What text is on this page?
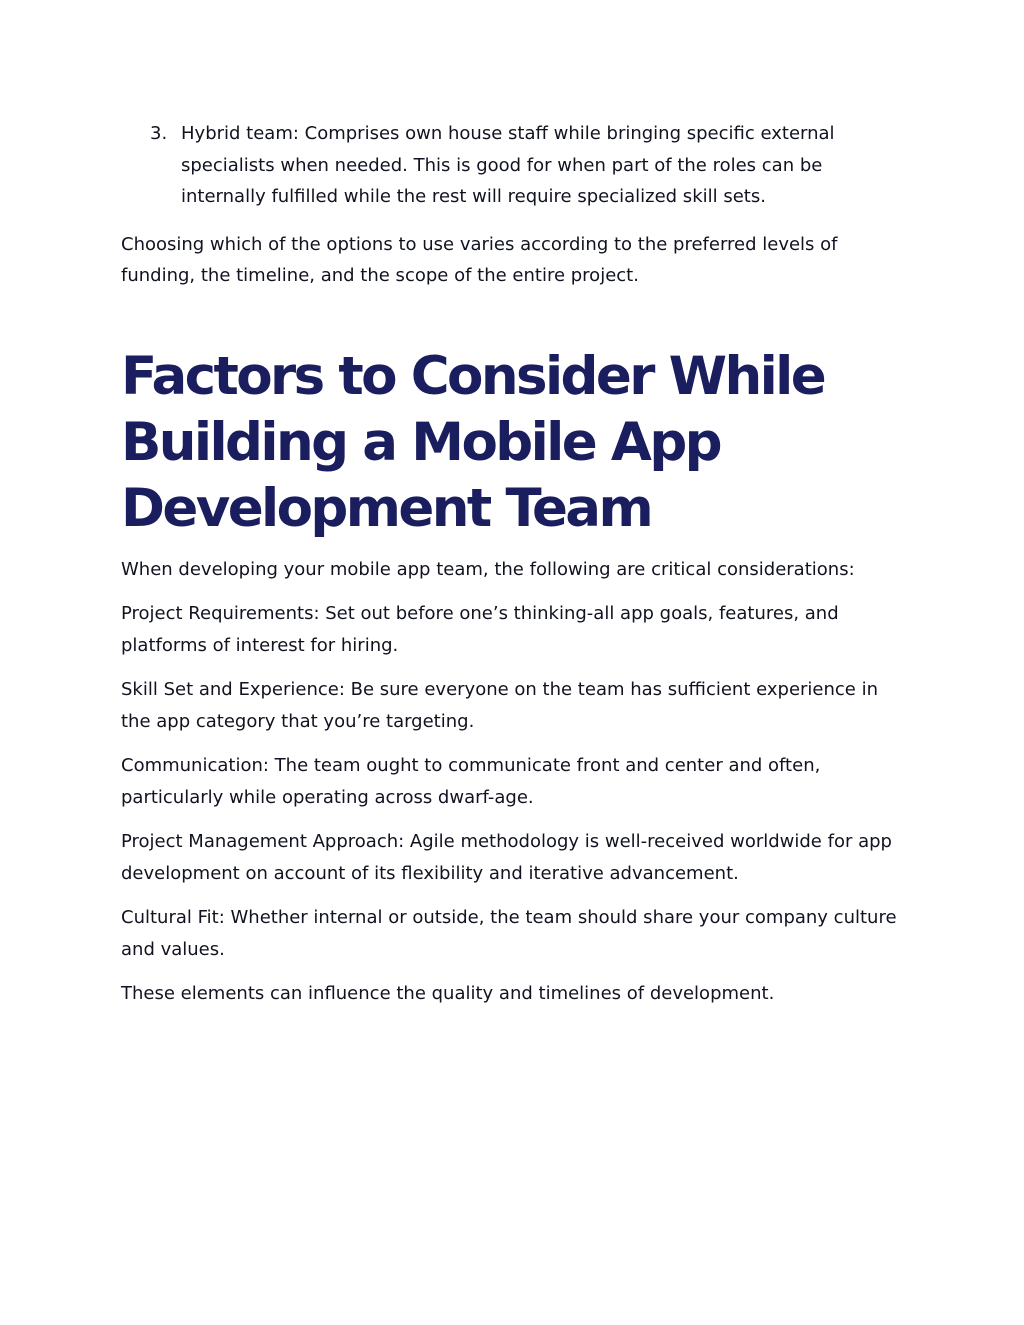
3. Hybrid team: Comprises own house staff while bringing specific external specialists when needed. This is good for when part of the roles can be internally fulfilled while the rest will require specialized skill sets.

Choosing which of the options to use varies according to the preferred levels of funding, the timeline, and the scope of the entire project.

Factors to Consider While Building a Mobile App Development Team

When developing your mobile app team, the following are critical considerations:

Project Requirements: Set out before one’s thinking-all app goals, features, and platforms of interest for hiring.

Skill Set and Experience: Be sure everyone on the team has sufficient experience in the app category that you’re targeting.

Communication: The team ought to communicate front and center and often, particularly while operating across dwarf-age.

Project Management Approach: Agile methodology is well-received worldwide for app development on account of its flexibility and iterative advancement.

Cultural Fit: Whether internal or outside, the team should share your company culture and values.

These elements can influence the quality and timelines of development.
